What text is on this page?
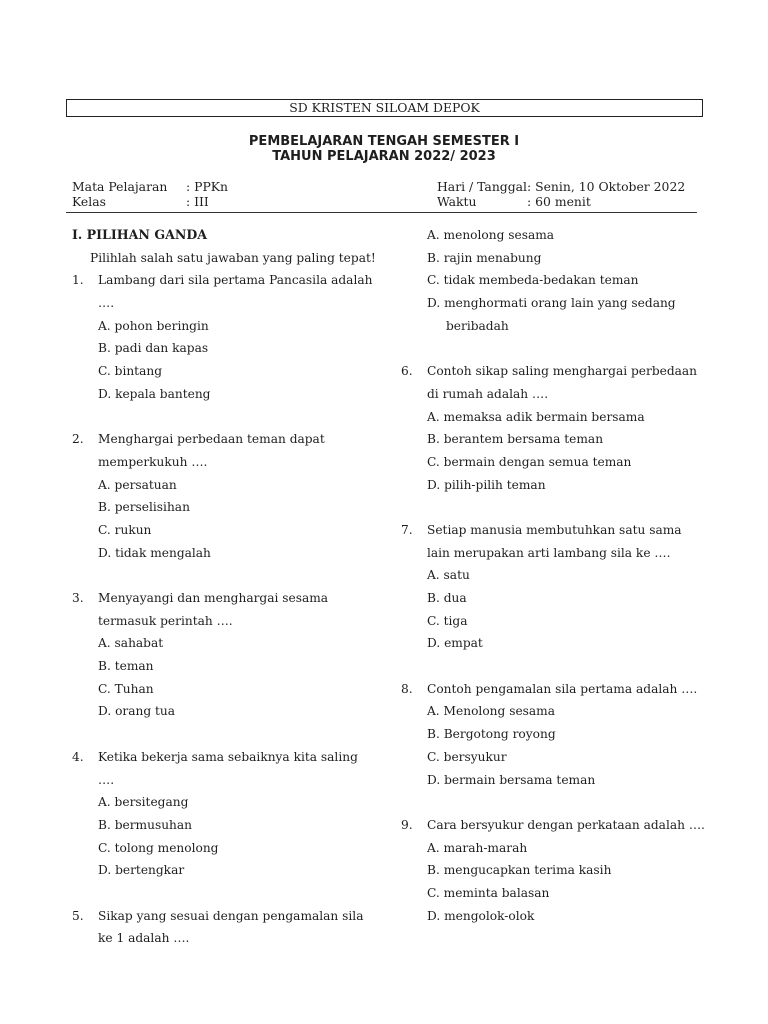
SD KRISTEN SILOAM DEPOK
PEMBELAJARAN TENGAH SEMESTER I
TAHUN PELAJARAN 2022/ 2023
Mata Pelajaran : PPKn
Kelas	: III
Hari / Tanggal : Senin, 10 Oktober 2022
Waktu	: 60 menit
I. PILIHAN GANDA
Pilihlah salah satu jawaban yang paling tepat!
1. Lambang dari sila pertama Pancasila adalah
….
A. pohon beringin
B. padi dan kapas
C. bintang
D. kepala banteng
2. Menghargai perbedaan teman dapat
memperkukuh ….
A. persatuan
B. perselisihan
C. rukun
D. tidak mengalah
3. Menyayangi dan menghargai sesama
termasuk perintah ….
A. sahabat
B. teman
C. Tuhan
D. orang tua
4. Ketika bekerja sama sebaiknya kita saling
….
A. bersitegang
B. bermusuhan
C. tolong menolong
D. bertengkar
5. Sikap yang sesuai dengan pengamalan sila
ke 1 adalah ….
A. menolong sesama
B. rajin menabung
C. tidak membeda-bedakan teman
D. menghormati orang lain yang sedang
beribadah
6. Contoh sikap saling menghargai perbedaan
di rumah adalah ….
A. memaksa adik bermain bersama
B. berantem bersama teman
C. bermain dengan semua teman
D. pilih-pilih teman
7. Setiap manusia membutuhkan satu sama
lain merupakan arti lambang sila ke ….
A. satu
B. dua
C. tiga
D. empat
8. Contoh pengamalan sila pertama adalah ….
A. Menolong sesama
B. Bergotong royong
C. bersyukur
D. bermain bersama teman
9. Cara bersyukur dengan perkataan adalah ….
A. marah-marah
B. mengucapkan terima kasih
C. meminta balasan
D. mengolok-olok
